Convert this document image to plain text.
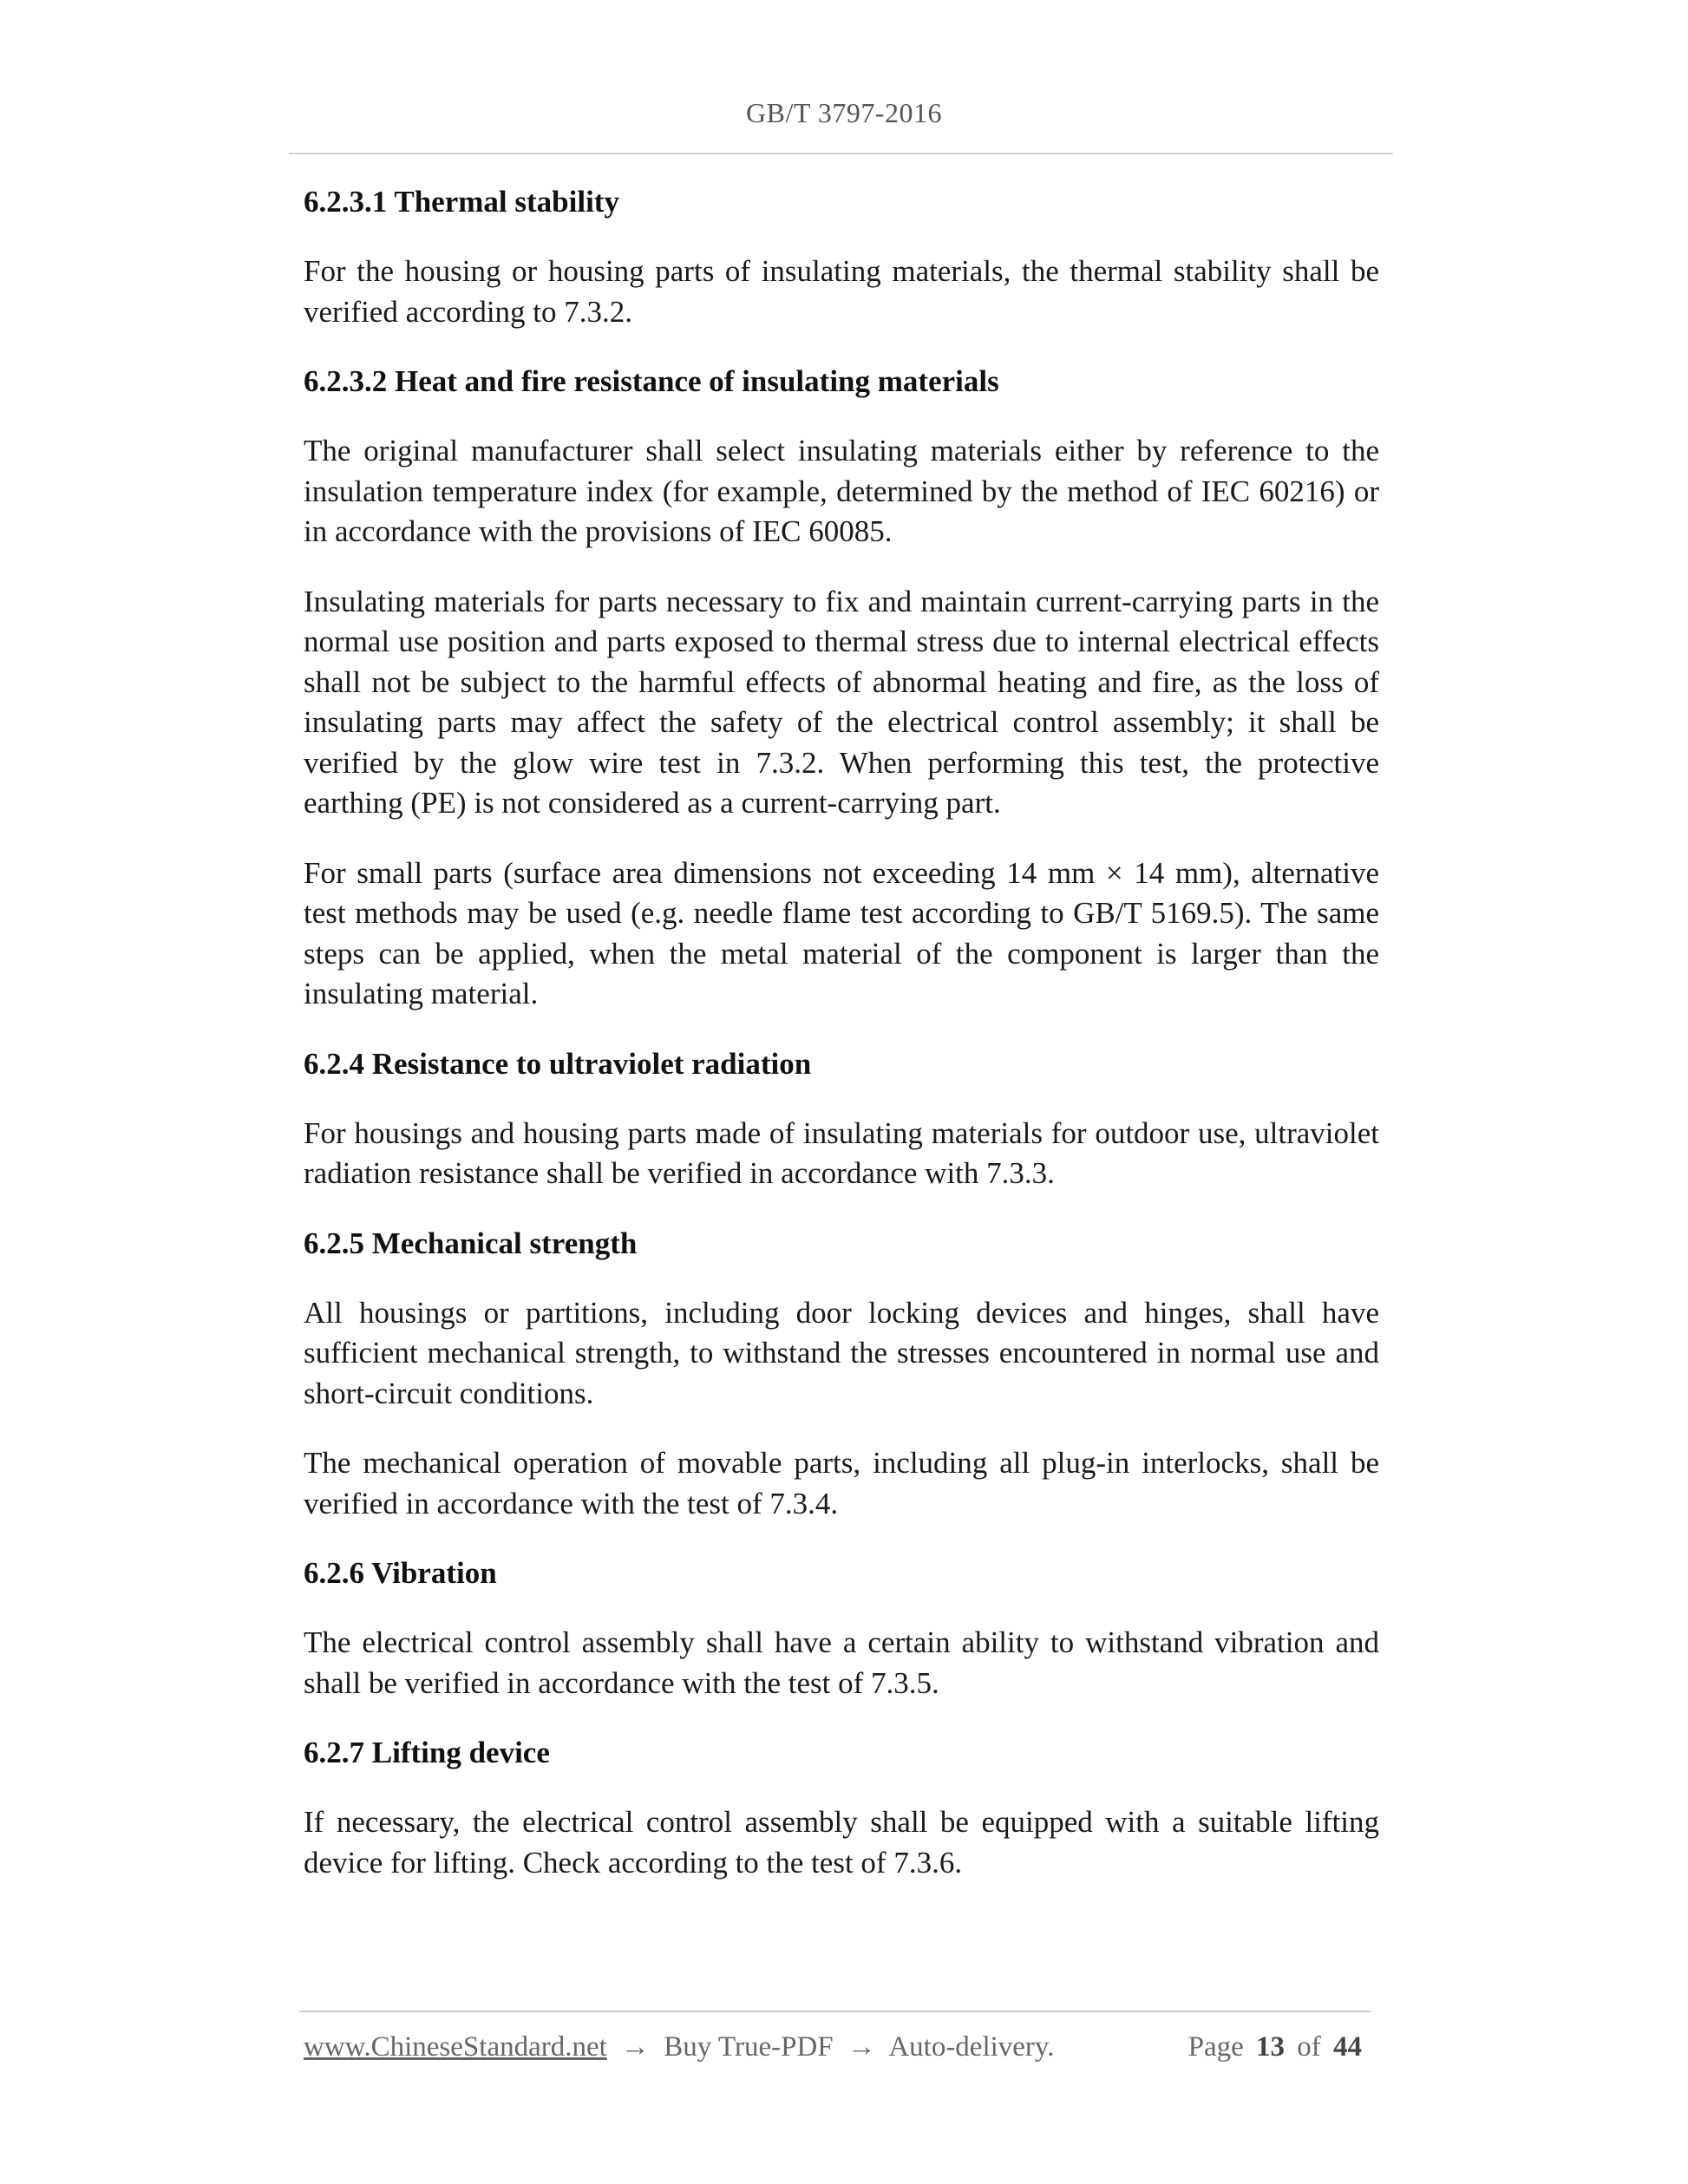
GB/T 3797-2016
6.2.3.1 Thermal stability

For the housing or housing parts of insulating materials, the thermal stability shall be verified according to 7.3.2.

6.2.3.2 Heat and fire resistance of insulating materials

The original manufacturer shall select insulating materials either by reference to the insulation temperature index (for example, determined by the method of IEC 60216) or in accordance with the provisions of IEC 60085.

Insulating materials for parts necessary to fix and maintain current-carrying parts in the normal use position and parts exposed to thermal stress due to internal electrical effects shall not be subject to the harmful effects of abnormal heating and fire, as the loss of insulating parts may affect the safety of the electrical control assembly; it shall be verified by the glow wire test in 7.3.2. When performing this test, the protective earthing (PE) is not considered as a current-carrying part.

For small parts (surface area dimensions not exceeding 14 mm × 14 mm), alternative test methods may be used (e.g. needle flame test according to GB/T 5169.5). The same steps can be applied, when the metal material of the component is larger than the insulating material.

6.2.4 Resistance to ultraviolet radiation

For housings and housing parts made of insulating materials for outdoor use, ultraviolet radiation resistance shall be verified in accordance with 7.3.3.

6.2.5 Mechanical strength

All housings or partitions, including door locking devices and hinges, shall have sufficient mechanical strength, to withstand the stresses encountered in normal use and short-circuit conditions.

The mechanical operation of movable parts, including all plug-in interlocks, shall be verified in accordance with the test of 7.3.4.

6.2.6 Vibration

The electrical control assembly shall have a certain ability to withstand vibration and shall be verified in accordance with the test of 7.3.5.

6.2.7 Lifting device

If necessary, the electrical control assembly shall be equipped with a suitable lifting device for lifting. Check according to the test of 7.3.6.

www.ChineseStandard.net → Buy True-PDF → Auto-delivery.	Page 13 of 44
